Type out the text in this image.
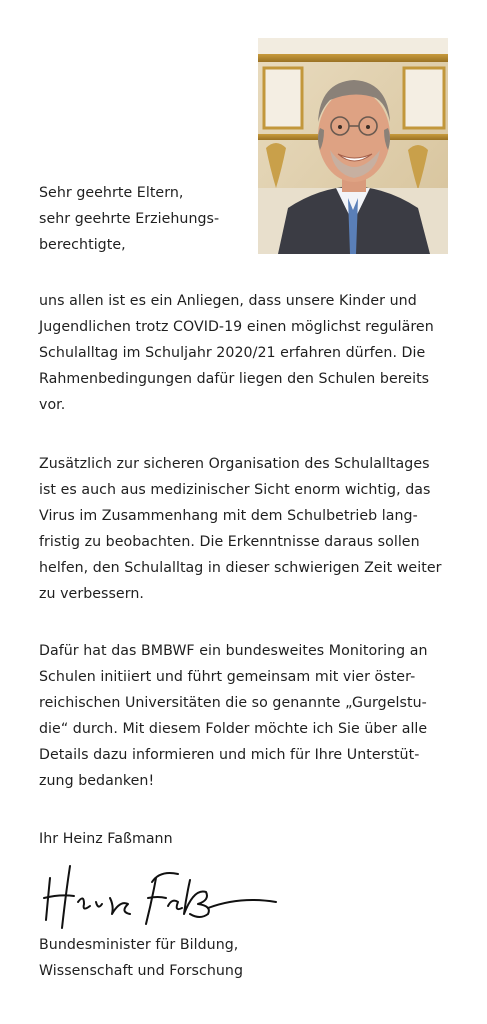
Sehr geehrte Eltern,
sehr geehrte Erziehungs-
berechtigte,
uns allen ist es ein Anliegen, dass unsere Kinder und
Jugendlichen trotz COVID-19 einen möglichst regulären
Schulalltag im Schuljahr 2020/21 erfahren dürfen. Die
Rahmenbedingungen dafür liegen den Schulen bereits
vor.
Zusätzlich zur sicheren Organisation des Schulalltages
ist es auch aus medizinischer Sicht enorm wichtig, das
Virus im Zusammenhang mit dem Schulbetrieb lang-
fristig zu beobachten. Die Erkenntnisse daraus sollen
helfen, den Schulalltag in dieser schwierigen Zeit weiter
zu verbessern.
Dafür hat das BMBWF ein bundesweites Monitoring an
Schulen initiiert und führt gemeinsam mit vier öster-
reichischen Universitäten die so genannte „Gurgelstu-
die“ durch. Mit diesem Folder möchte ich Sie über alle
Details dazu informieren und mich für Ihre Unterstüt-
zung bedanken!
Ihr Heinz Faßmann
Bundesminister für Bildung,
Wissenschaft und Forschung
